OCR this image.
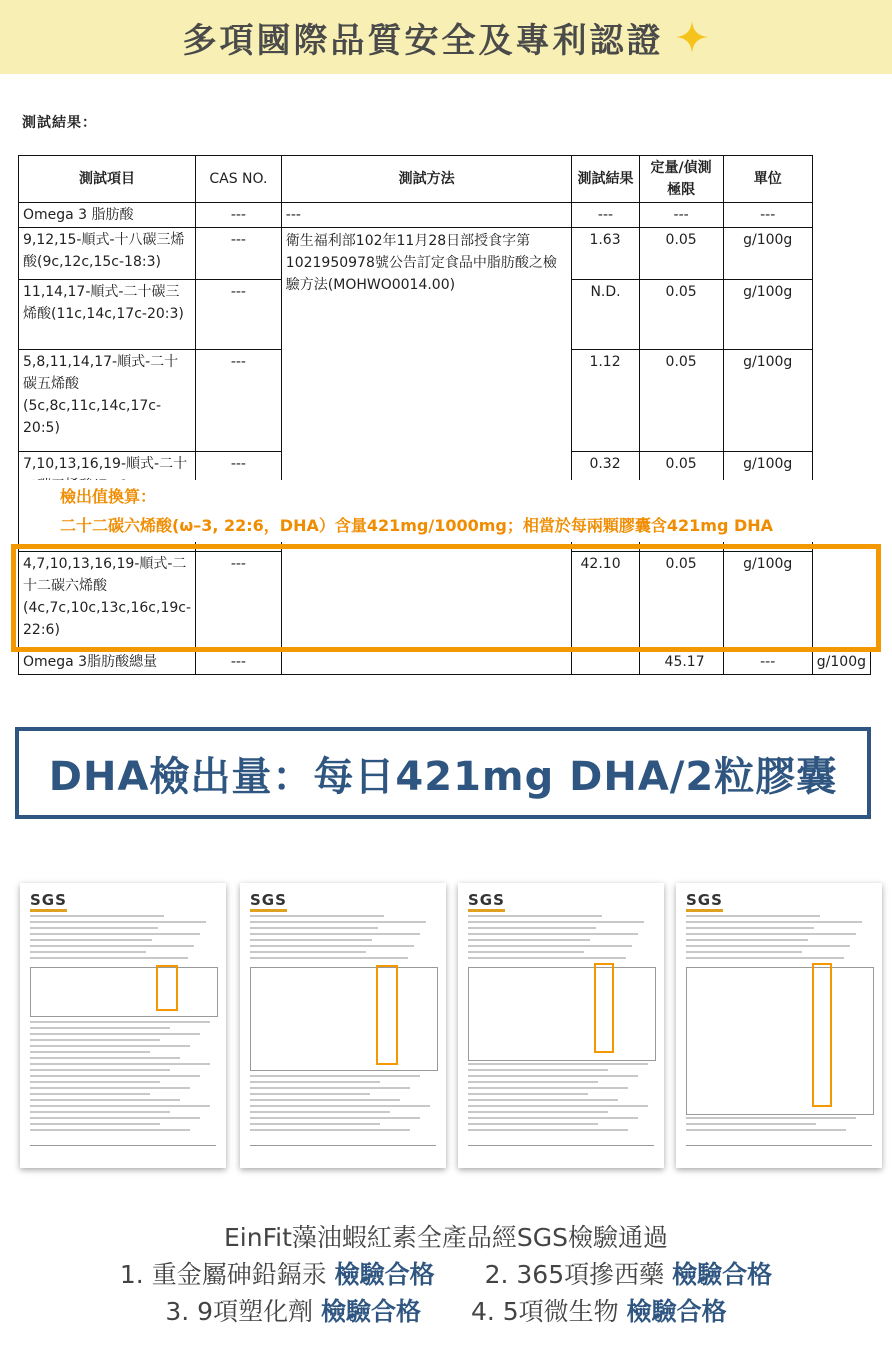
多項國際品質安全及專利認證
測試結果：
測試項目	CAS NO.	測試方法	測試結果	定量/偵測極限	單位	
Omega 3 脂肪酸	---	---	---	---	---	
9,12,15-順式-十八碳三烯酸(9c,12c,15c-18:3)	---	衛生福利部102年11月28日部授食字第1021950978號公告訂定食品中脂肪酸之檢驗方法(MOHWO0014.00)	1.63	0.05	g/100g	
11,14,17-順式-二十碳三烯酸(11c,14c,17c-20:3)	---		N.D.	0.05	g/100g	
5,8,11,14,17-順式-二十碳五烯酸(5c,8c,11c,14c,17c-20:5)	---		1.12	0.05	g/100g	
7,10,13,16,19-順式-二十	---		0.32	0.05	g/100g	
4,7,10,13,16,19-順式-二十二碳六烯酸(4c,7c,10c,13c,16c,19c-22:6)	---		42.10	0.05	g/100g	
Omega 3脂肪酸總量	---			45.17	---	g/100g
檢出值換算：
二十二碳六烯酸(ω–3, 22:6，DHA）含量421mg/1000mg；相當於每兩顆膠囊含421mg DHA
DHA檢出量：每日421mg DHA/2粒膠囊
SGS	SGS	SGS	SGS
EinFit藻油蝦紅素全產品經SGS檢驗通過
1. 重金屬砷鉛鎘汞 檢驗合格 2. 365項摻西藥 檢驗合格
3. 9項塑化劑 檢驗合格 4. 5項微生物 檢驗合格
